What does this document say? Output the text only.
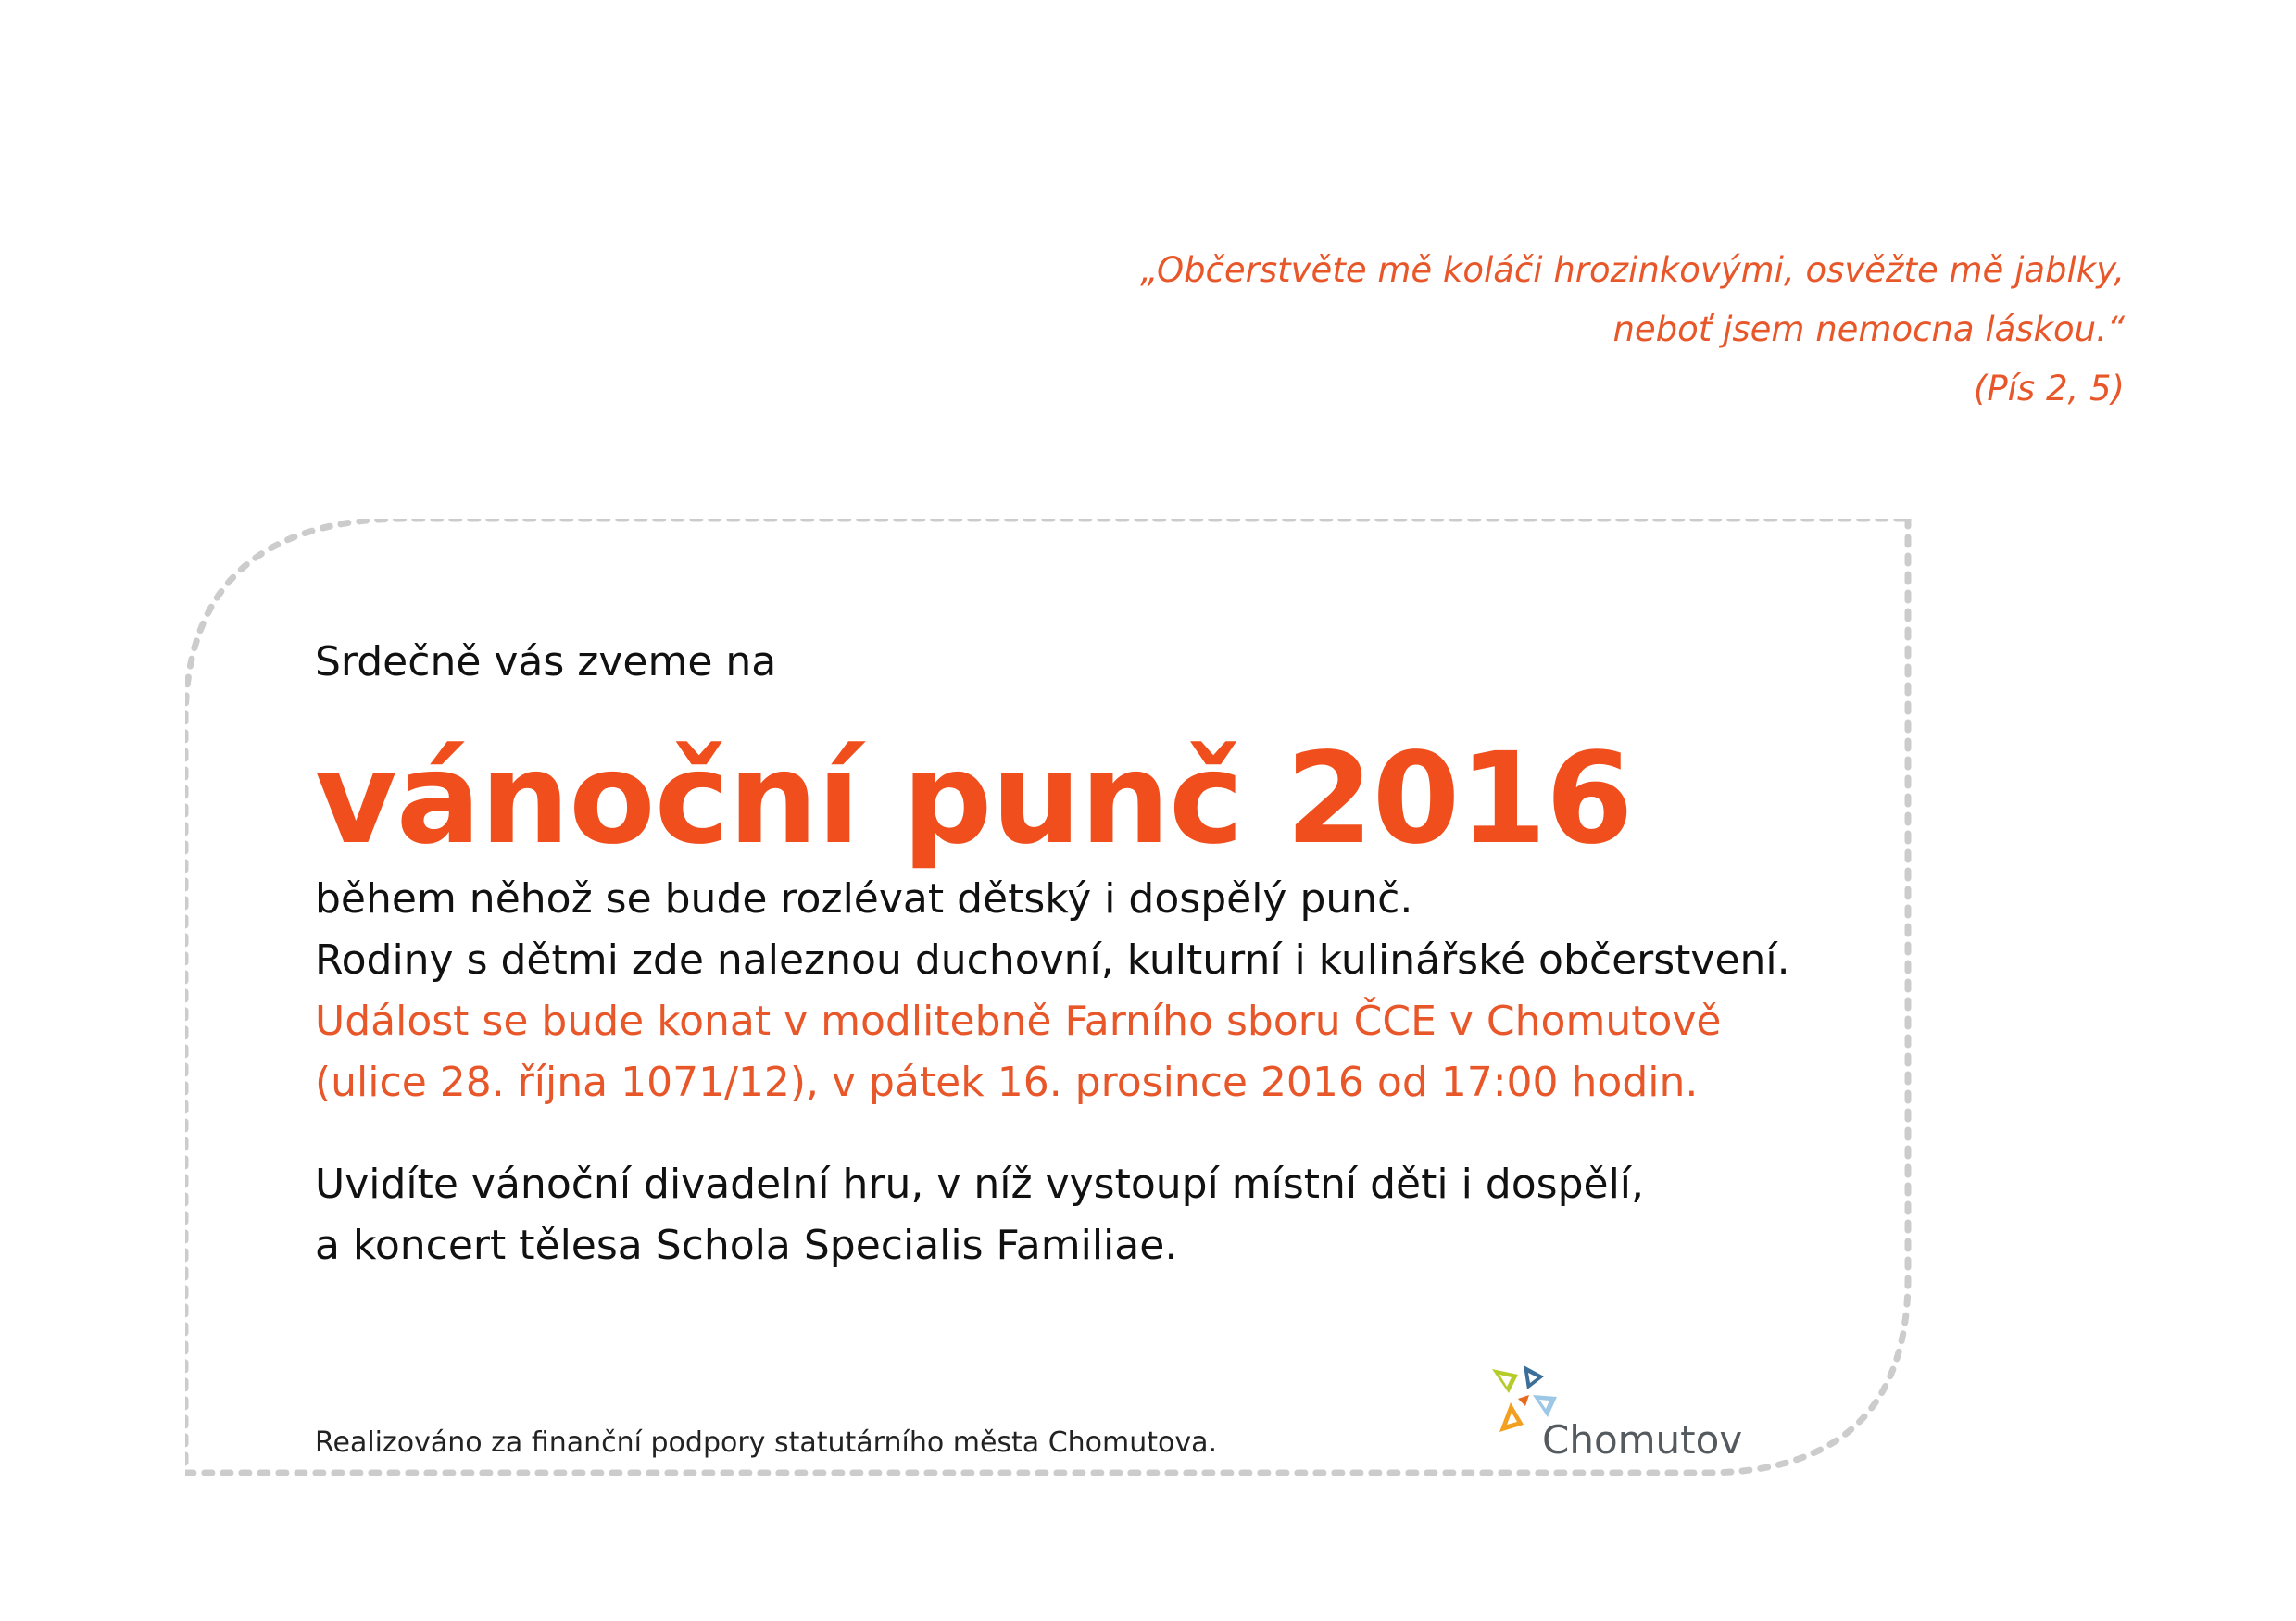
„Občerstvěte mě koláči hrozinkovými, osvěžte mě jablky,
neboť jsem nemocna láskou.“
(Pís 2, 5)
Srdečně vás zveme na
vánoční punč 2016
během něhož se bude rozlévat dětský i dospělý punč.
Rodiny s dětmi zde naleznou duchovní, kulturní i kulinářské občerstvení.
Událost se bude konat v modlitebně Farního sboru ČCE v Chomutově
(ulice 28. října 1071/12), v pátek 16. prosince 2016 od 17:00 hodin.
Uvidíte vánoční divadelní hru, v níž vystoupí místní děti i dospělí,
a koncert tělesa Schola Specialis Familiae.
Realizováno za finanční podpory statutárního města Chomutova.	Chomutov
